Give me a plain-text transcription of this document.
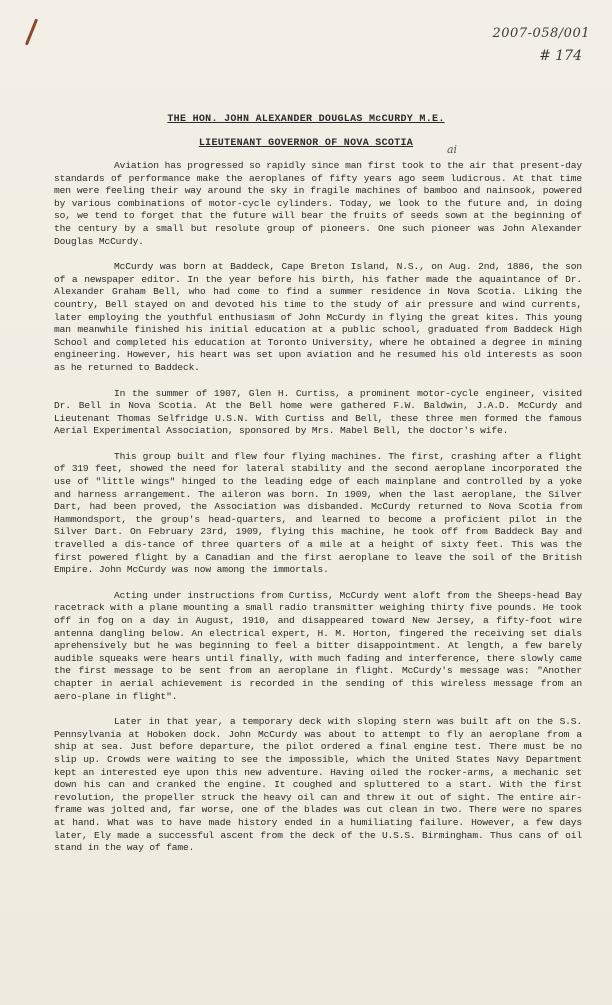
2007-058/001
# 174
THE HON. JOHN ALEXANDER DOUGLAS McCURDY M.E.
ai
LIEUTENANT GOVERNOR OF NOVA SCOTIA

Aviation has progressed so rapidly since man first took to the air that present-day standards of performance make the aeroplanes of fifty years ago seem ludicrous. At that time men were feeling their way around the sky in fragile machines of bamboo and nainsook, powered by various combinations of motor-cycle cylinders. Today, we look to the future and, in doing so, we tend to forget that the future will bear the fruits of seeds sown at the beginning of the century by a small but resolute group of pioneers. One such pioneer was John Alexander Douglas McCurdy.

McCurdy was born at Baddeck, Cape Breton Island, N.S., on Aug. 2nd, 1886, the son of a newspaper editor. In the year before his birth, his father made the aquaintance of Dr. Alexander Graham Bell, who had come to find a summer residence in Nova Scotia. Liking the country, Bell stayed on and devoted his time to the study of air pressure and wind currents, later employing the youthful enthusiasm of John McCurdy in flying the great kites. This young man meanwhile finished his initial education at a public school, graduated from Baddeck High School and completed his education at Toronto University, where he obtained a degree in mining engineering. However, his heart was set upon aviation and he resumed his old interests as soon as he returned to Baddeck.

In the summer of 1907, Glen H. Curtiss, a prominent motor-cycle engineer, visited Dr. Bell in Nova Scotia. At the Bell home were gathered F.W. Baldwin, J.A.D. McCurdy and Lieutenant Thomas Selfridge U.S.N. With Curtiss and Bell, these three men formed the famous Aerial Experimental Association, sponsored by Mrs. Mabel Bell, the doctor's wife.

This group built and flew four flying machines. The first, crashing after a flight of 319 feet, showed the need for lateral stability and the second aeroplane incorporated the use of "little wings" hinged to the leading edge of each mainplane and controlled by a yoke and harness arrangement. The aileron was born. In 1909, when the last aeroplane, the Silver Dart, had been proved, the Association was disbanded. McCurdy returned to Nova Scotia from Hammondsport, the group's head-quarters, and learned to become a proficient pilot in the Silver Dart. On February 23rd, 1909, flying this machine, he took off from Baddeck Bay and travelled a dis-tance of three quarters of a mile at a height of sixty feet. This was the first powered flight by a Canadian and the first aeroplane to leave the soil of the British Empire. John McCurdy was now among the immortals.

Acting under instructions from Curtiss, McCurdy went aloft from the Sheeps-head Bay racetrack with a plane mounting a small radio transmitter weighing thirty five pounds. He took off in fog on a day in August, 1910, and disappeared toward New Jersey, a fifty-foot wire antenna dangling below. An electrical expert, H. M. Horton, fingered the receiving set dials aprehensively but he was beginning to feel a bitter disappointment. At length, a few barely audible squeaks were hears until finally, with much fading and interference, there slowly came the first message to be sent from an aeroplane in flight. McCurdy's message was: "Another chapter in aerial achievement is recorded in the sending of this wireless message from an aero-plane in flight".

Later in that year, a temporary deck with sloping stern was built aft on the S.S. Pennsylvania at Hoboken dock. John McCurdy was about to attempt to fly an aeroplane from a ship at sea. Just before departure, the pilot ordered a final engine test. There must be no slip up. Crowds were waiting to see the impossible, which the United States Navy Department kept an interested eye upon this new adventure. Having oiled the rocker-arms, a mechanic set down his can and cranked the engine. It coughed and spluttered to a start. With the first revolution, the propeller struck the heavy oil can and threw it out of sight. The entire air-frame was jolted and, far worse, one of the blades was cut clean in two. There were no spares at hand. What was to have made history ended in a humiliating failure. However, a few days later, Ely made a successful ascent from the deck of the U.S.S. Birmingham. Thus cans of oil stand in the way of fame.
